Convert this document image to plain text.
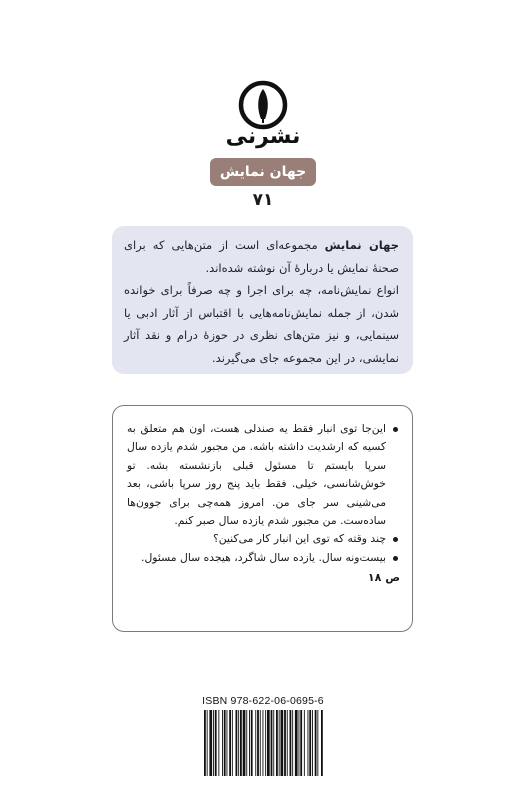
نشرنی
جهان نمایش
۷۱

جهان نمایش مجموعه‌ای است از متن‌هایی که برای صحنهٔ نمایش یا دربارهٔ آن نوشته شده‌اند.

انواع نمایش‌نامه، چه برای اجرا و چه صرفاً برای خوانده شدن، از جمله نمایش‌نامه‌هایی با اقتباس از آثار ادبی یا سینمایی، و نیز متن‌های نظری در حوزهٔ درام و نقد آثار نمایشی، در این مجموعه جای می‌گیرند.

این‌جا توی انبار فقط یه صندلی هست، اون هم متعلق به کسیه که ارشدیت داشته باشه. من مجبور شدم یازده سال سرپا بایستم تا مسئول قبلی بازنشسته بشه. تو خوش‌شانسی، خیلی. فقط باید پنج روز سرپا باشی، بعد می‌شینی سر جای من. امروز همه‌چی برای جوون‌ها ساده‌ست. من مجبور شدم یازده سال صبر کنم.
چند وقته که توی این انبار کار می‌کنین؟
بیست‌ونه سال. یازده سال شاگرد، هیجده سال مسئول.
ص ۱۸
ISBN 978-622-06-0695-6
